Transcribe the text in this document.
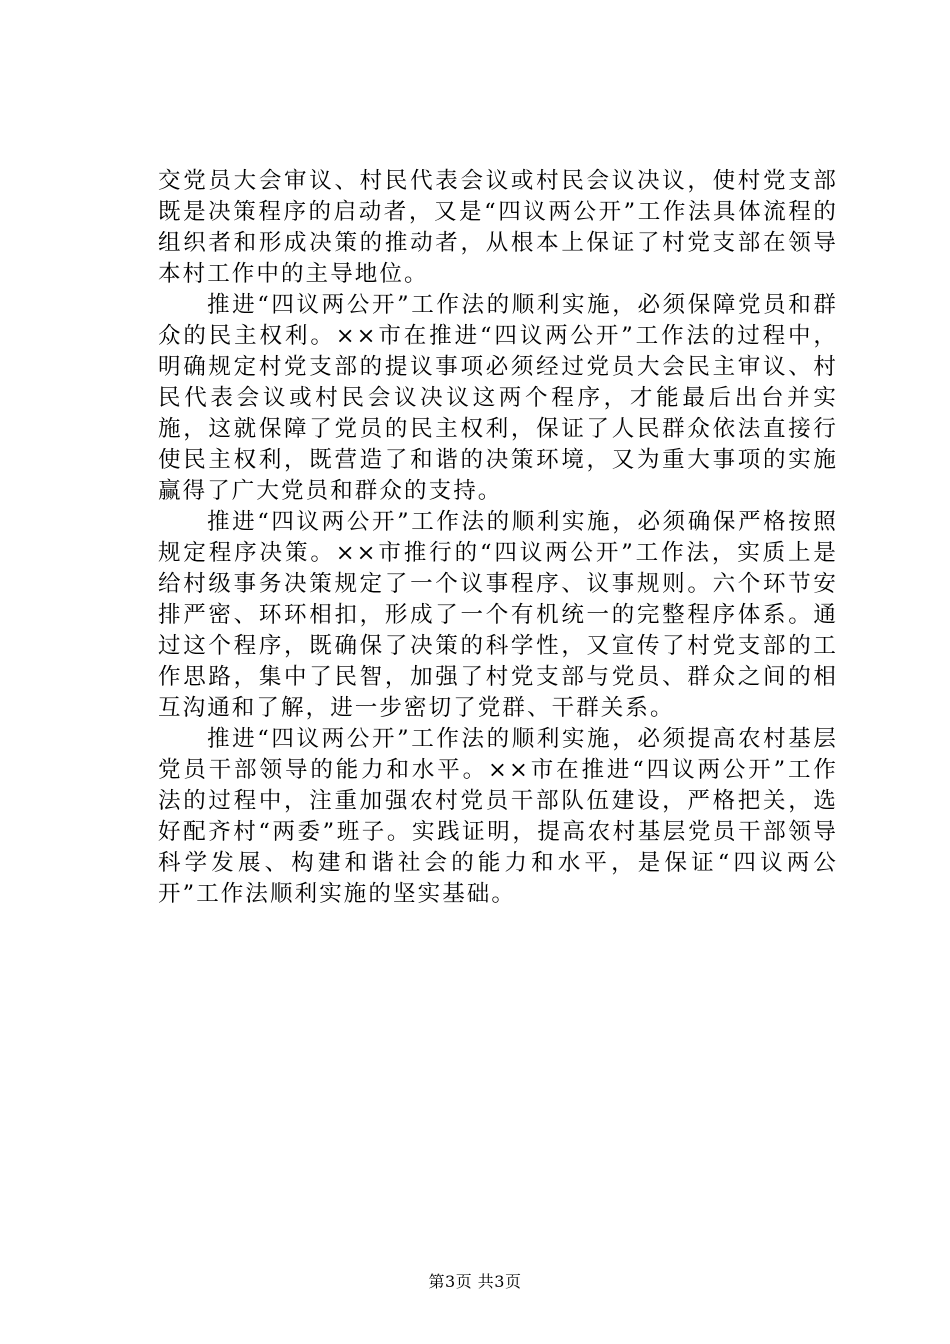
交党员大会审议、村民代表会议或村民会议决议，使村党支部既是决策程序的启动者，又是“四议两公开”工作法具体流程的组织者和形成决策的推动者，从根本上保证了村党支部在领导本村工作中的主导地位。

推进“四议两公开”工作法的顺利实施，必须保障党员和群众的民主权利。××市在推进“四议两公开”工作法的过程中，明确规定村党支部的提议事项必须经过党员大会民主审议、村民代表会议或村民会议决议这两个程序，才能最后出台并实施，这就保障了党员的民主权利，保证了人民群众依法直接行使民主权利，既营造了和谐的决策环境，又为重大事项的实施赢得了广大党员和群众的支持。

推进“四议两公开”工作法的顺利实施，必须确保严格按照规定程序决策。××市推行的“四议两公开”工作法，实质上是给村级事务决策规定了一个议事程序、议事规则。六个环节安排严密、环环相扣，形成了一个有机统一的完整程序体系。通过这个程序，既确保了决策的科学性，又宣传了村党支部的工作思路，集中了民智，加强了村党支部与党员、群众之间的相互沟通和了解，进一步密切了党群、干群关系。

推进“四议两公开”工作法的顺利实施，必须提高农村基层党员干部领导的能力和水平。××市在推进“四议两公开”工作法的过程中，注重加强农村党员干部队伍建设，严格把关，选好配齐村“两委”班子。实践证明，提高农村基层党员干部领导科学发展、构建和谐社会的能力和水平，是保证“四议两公开”工作法顺利实施的坚实基础。

第3页 共3页
